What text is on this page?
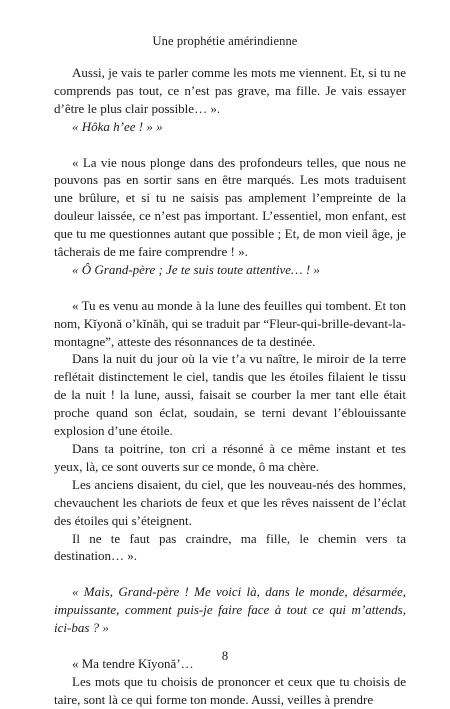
Une prophétie amérindienne

Aussi, je vais te parler comme les mots me viennent. Et, si tu ne comprends pas tout, ce n’est pas grave, ma fille. Je vais essayer d’être le plus clair possible… ».

« Hôka h’ee ! » »

« La vie nous plonge dans des profondeurs telles, que nous ne pouvons pas en sortir sans en être marqués. Les mots traduisent une brûlure, et si tu ne saisis pas amplement l’empreinte de la douleur laissée, ce n’est pas important. L’essentiel, mon enfant, est que tu me questionnes autant que possible ; Et, de mon vieil âge, je tâcherais de me faire comprendre ! ».

« Ô Grand-père ; Je te suis toute attentive… ! »

« Tu es venu au monde à la lune des feuilles qui tombent. Et ton nom, Kĭyonă o’kĭnăh, qui se traduit par “Fleur-qui-brille-devant-la-montagne”, atteste des résonnances de ta destinée.

Dans la nuit du jour où la vie t’a vu naître, le miroir de la terre reflétait distinctement le ciel, tandis que les étoiles filaient le tissu de la nuit ! la lune, aussi, faisait se courber la mer tant elle était proche quand son éclat, soudain, se terni devant l’éblouissante explosion d’une étoile.

Dans ta poitrine, ton cri a résonné à ce même instant et tes yeux, là, ce sont ouverts sur ce monde, ô ma chère.

Les anciens disaient, du ciel, que les nouveau-nés des hommes, chevauchent les chariots de feux et que les rêves naissent de l’éclat des étoiles qui s’éteignent.

Il ne te faut pas craindre, ma fille, le chemin vers ta destination… ».

« Mais, Grand-père ! Me voici là, dans le monde, désarmée, impuissante, comment puis-je faire face à tout ce qui m’attends, ici-bas ? »

« Ma tendre Kĭyonă’…

Les mots que tu choisis de prononcer et ceux que tu choisis de taire, sont là ce qui forme ton monde. Aussi, veilles à prendre

8
